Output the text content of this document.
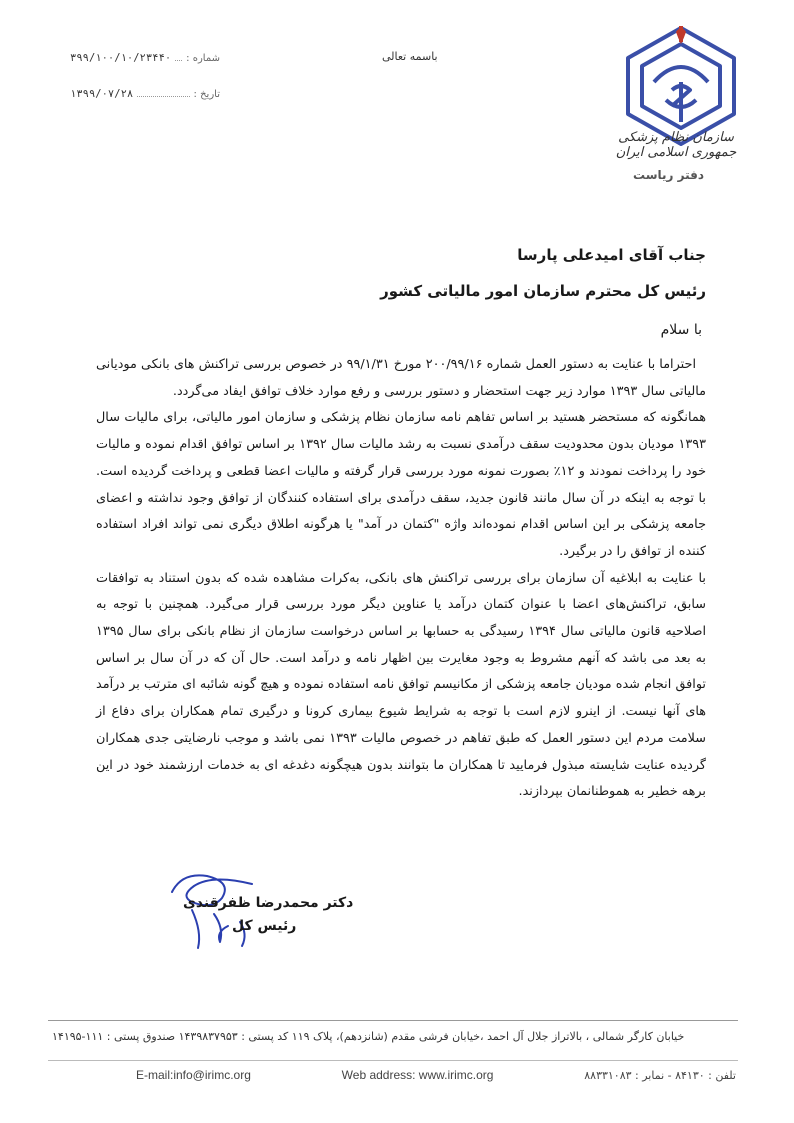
سازمان نظام پزشکی جمهوری اسلامی ایران
دفتر ریاست
باسمه تعالی
شماره :
۳۹۹/۱۰۰/۱۰/۲۳۴۴۰
تاریخ :
۱۳۹۹/۰۷/۲۸
جناب آقای امیدعلی پارسا
رئیس کل محترم سازمان امور مالیاتی کشور
با سلام

احتراما با عنایت به دستور العمل شماره ۲۰۰/۹۹/۱۶ مورخ ۹۹/۱/۳۱ در خصوص بررسی تراکنش های بانکی مودیانی مالیاتی سال ۱۳۹۳ موارد زیر جهت استحضار و دستور بررسی و رفع موارد خلاف توافق ایفاد می‌گردد.

همانگونه که مستحضر هستید بر اساس تفاهم نامه سازمان نظام پزشکی و سازمان امور مالیاتی، برای مالیات سال ۱۳۹۳ مودیان بدون محدودیت سقف درآمدی نسبت به رشد مالیات سال ۱۳۹۲ بر اساس توافق اقدام نموده و مالیات خود را پرداخت نمودند و ۱۲٪ بصورت نمونه مورد بررسی قرار گرفته و مالیات اعضا قطعی و پرداخت گردیده است. با توجه به اینکه در آن سال مانند قانون جدید، سقف درآمدی برای استفاده کنندگان از توافق وجود نداشته و اعضای جامعه پزشکی بر این اساس اقدام نموده‌اند واژه "کتمان در آمد" یا هرگونه اطلاق دیگری نمی تواند افراد استفاده کننده از توافق را در برگیرد.

با عنایت به ابلاغیه آن سازمان برای بررسی تراکنش های بانکی، به‌کرات مشاهده شده که بدون استناد به توافقات سابق، تراکنش‌های اعضا با عنوان کتمان درآمد یا عناوین دیگر مورد بررسی قرار می‌گیرد. همچنین با توجه به اصلاحیه قانون مالیاتی سال ۱۳۹۴ رسیدگی به حسابها بر اساس درخواست سازمان از نظام بانکی برای سال ۱۳۹۵ به بعد می باشد که آنهم مشروط به وجود مغایرت بین اظهار نامه و درآمد است. حال آن که در آن سال بر اساس توافق انجام شده مودیان جامعه پزشکی از مکانیسم توافق نامه استفاده نموده و هیچ گونه شائبه ای مترتب بر درآمد های آنها نیست. از اینرو لازم است با توجه به شرایط شیوع بیماری کرونا و درگیری تمام همکاران برای دفاع از سلامت مردم این دستور العمل که طبق تفاهم در خصوص مالیات ۱۳۹۳ نمی باشد و موجب نارضایتی جدی همکاران گردیده عنایت شایسته مبذول فرمایید تا همکاران ما بتوانند بدون هیچگونه دغدغه ای به خدمات ارزشمند خود در این برهه خطیر به هموطنانمان بپردازند.

دکتر محمدرضا ظفرقندی
رئیس کل
خیابان کارگر شمالی ، بالاتراز جلال آل احمد ،خیابان فرشی مقدم (شانزدهم)، پلاک ۱۱۹ کد پستی : ۱۴۳۹۸۳۷۹۵۳ صندوق پستی : ۱۱۱-۱۴۱۹۵
E-mail:info@irimc.org	Web address: www.irimc.org	تلفن : ۸۴۱۳۰ - نمابر : ۸۸۳۳۱۰۸۳
